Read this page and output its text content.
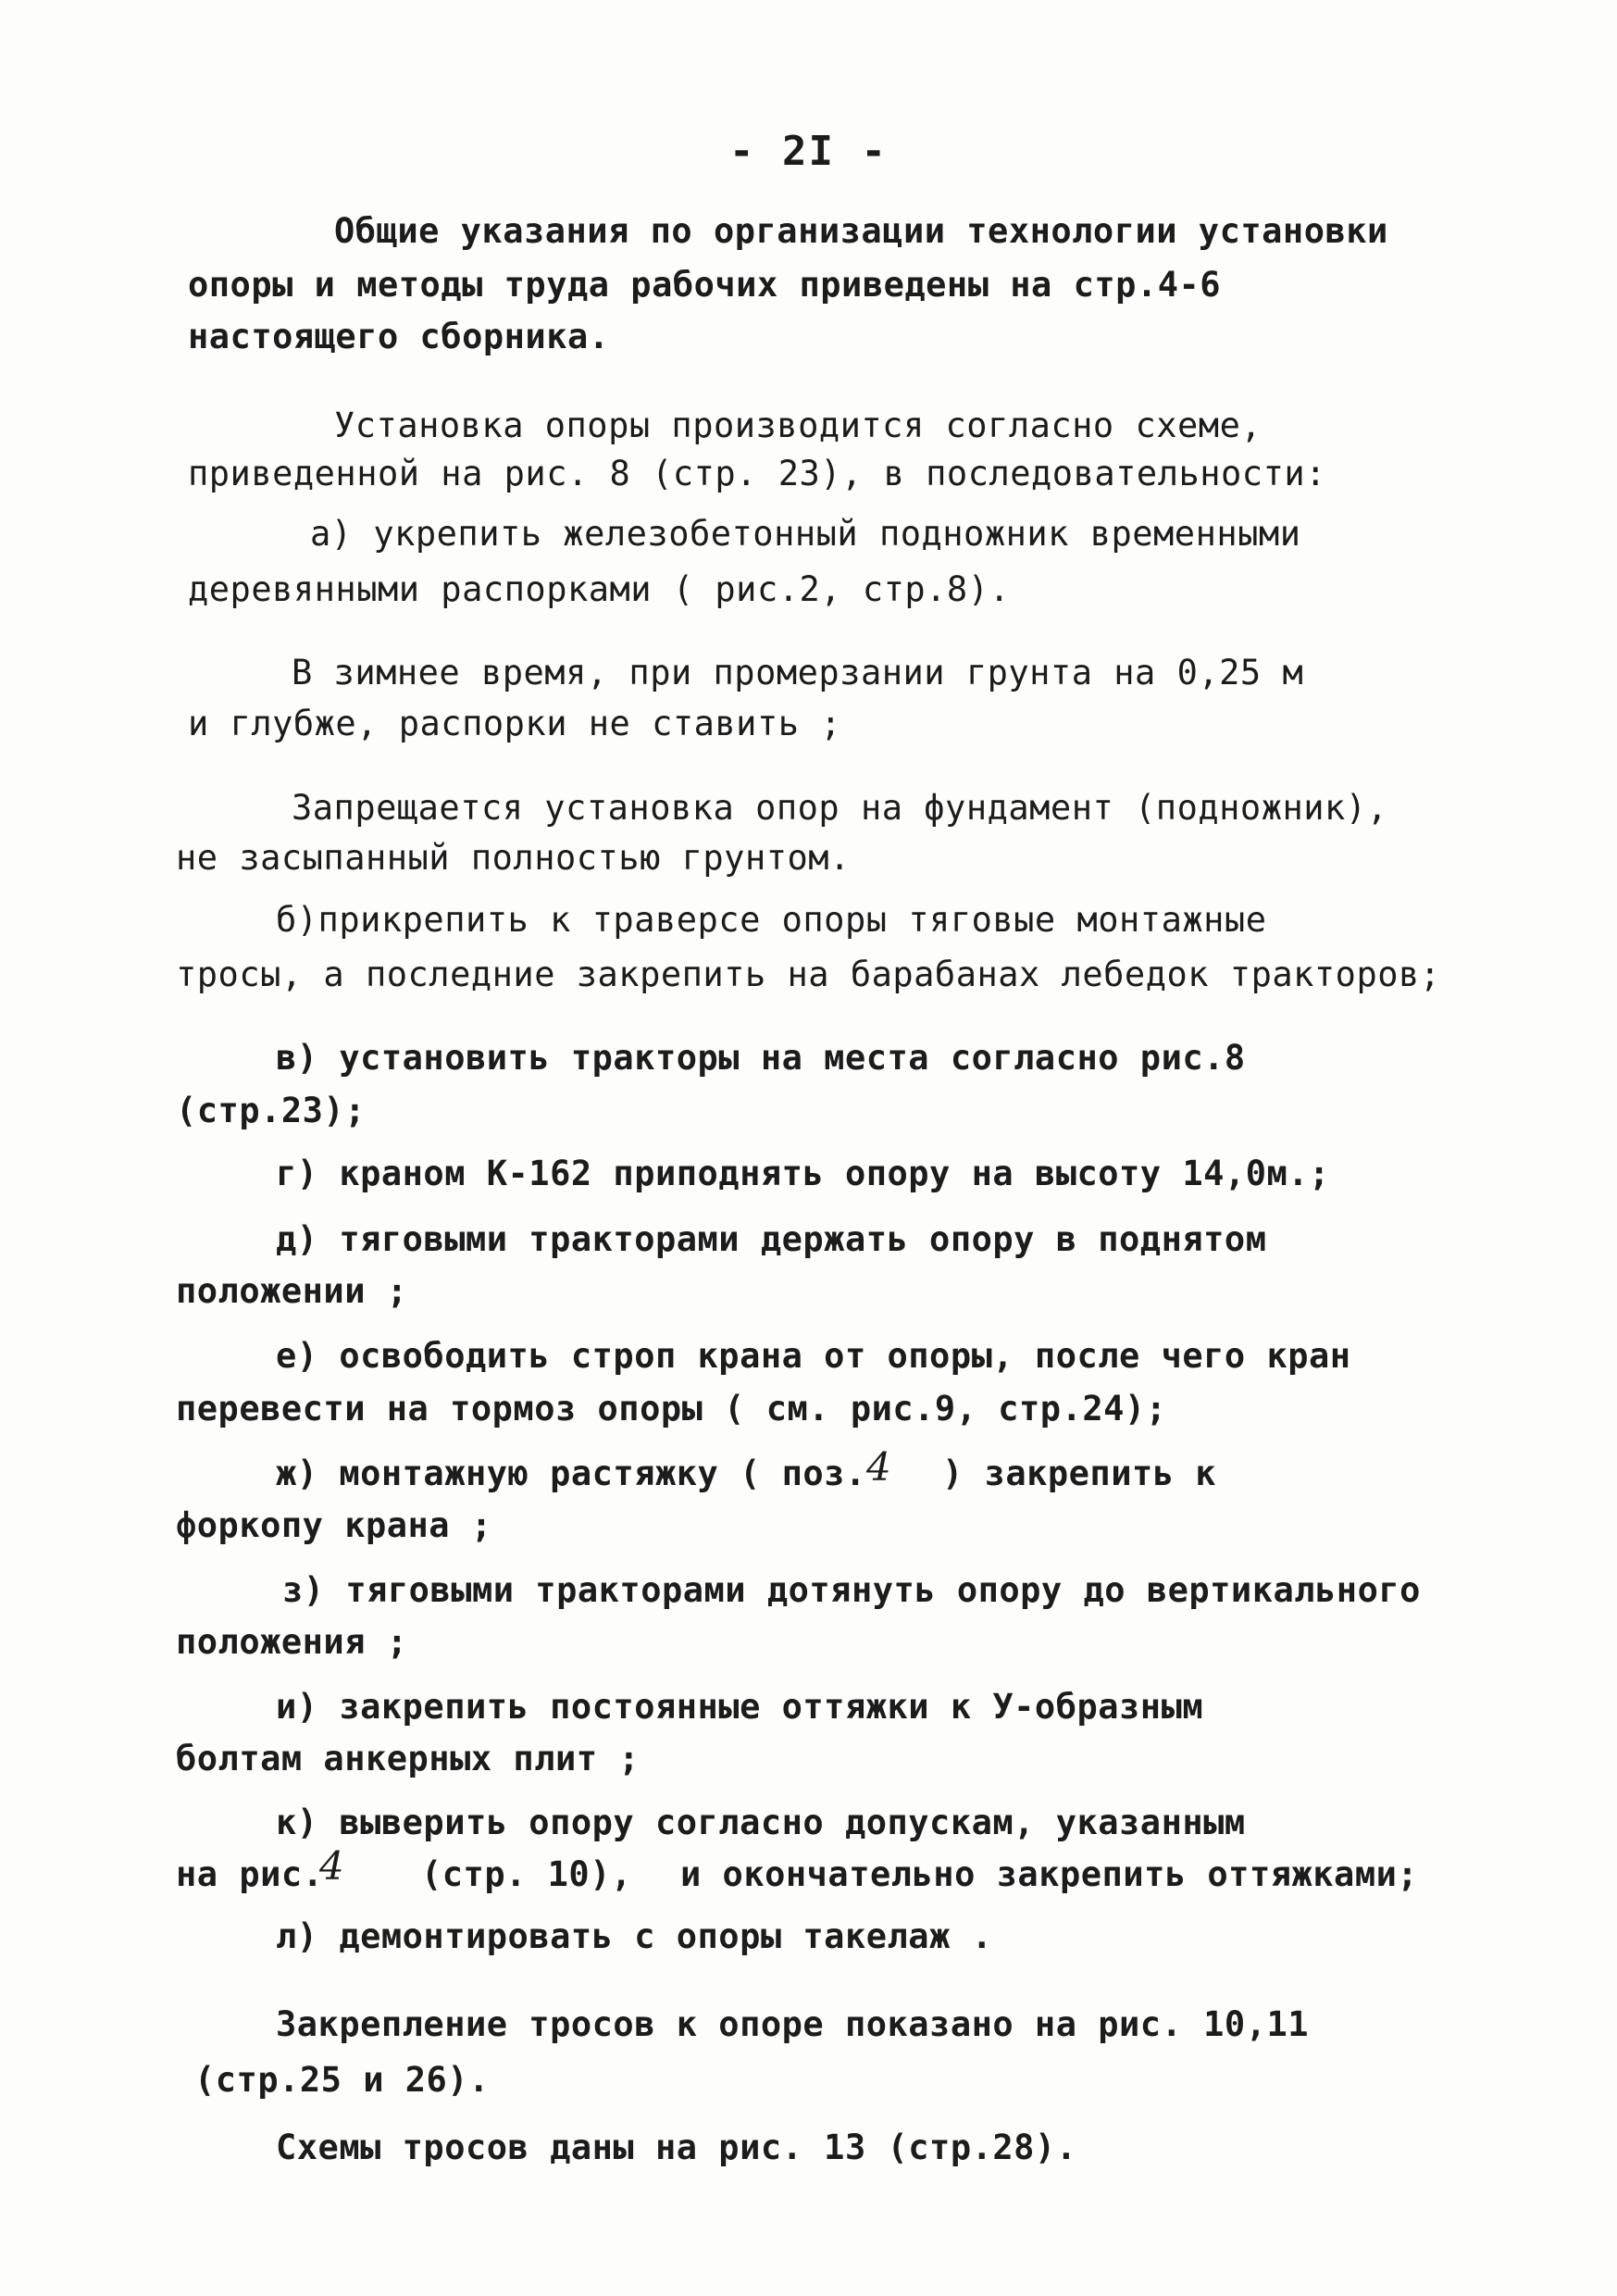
- 2I -
Общие указания по организации технологии установки
опоры и методы труда рабочих приведены на стр.4-6
настоящего сборника.
Установка опоры производится согласно схеме,
приведенной на рис. 8 (стр. 23), в последовательности:
а) укрепить железобетонный подножник временными
деревянными распорками ( рис.2, стр.8).
В зимнее время, при промерзании грунта на 0,25 м
и глубже, распорки не ставить ;
Запрещается установка опор на фундамент (подножник),
не засыпанный полностью грунтом.
б)прикрепить к траверсе опоры тяговые монтажные
тросы, а последние закрепить на барабанах лебедок тракторов;
в) установить тракторы на места согласно рис.8
(стр.23);
г) краном К-162 приподнять опору на высоту 14,0м.;
д) тяговыми тракторами держать опору в поднятом
положении ;
е) освободить строп крана от опоры, после чего кран
перевести на тормоз опоры ( см. рис.9, стр.24);
ж) монтажную растяжку ( поз. 4 ) закрепить к
форкопу крана ;
з) тяговыми тракторами дотянуть опору до вертикального
положения ;
и) закрепить постоянные оттяжки к У-образным
болтам анкерных плит ;
к) выверить опору согласно допускам, указанным
на рис.
4 (стр. 10), и окончательно закрепить оттяжками;
л) демонтировать с опоры такелаж .
Закрепление тросов к опоре показано на рис. 10,11
(стр.25 и 26).
Схемы тросов даны на рис. 13 (стр.28).
